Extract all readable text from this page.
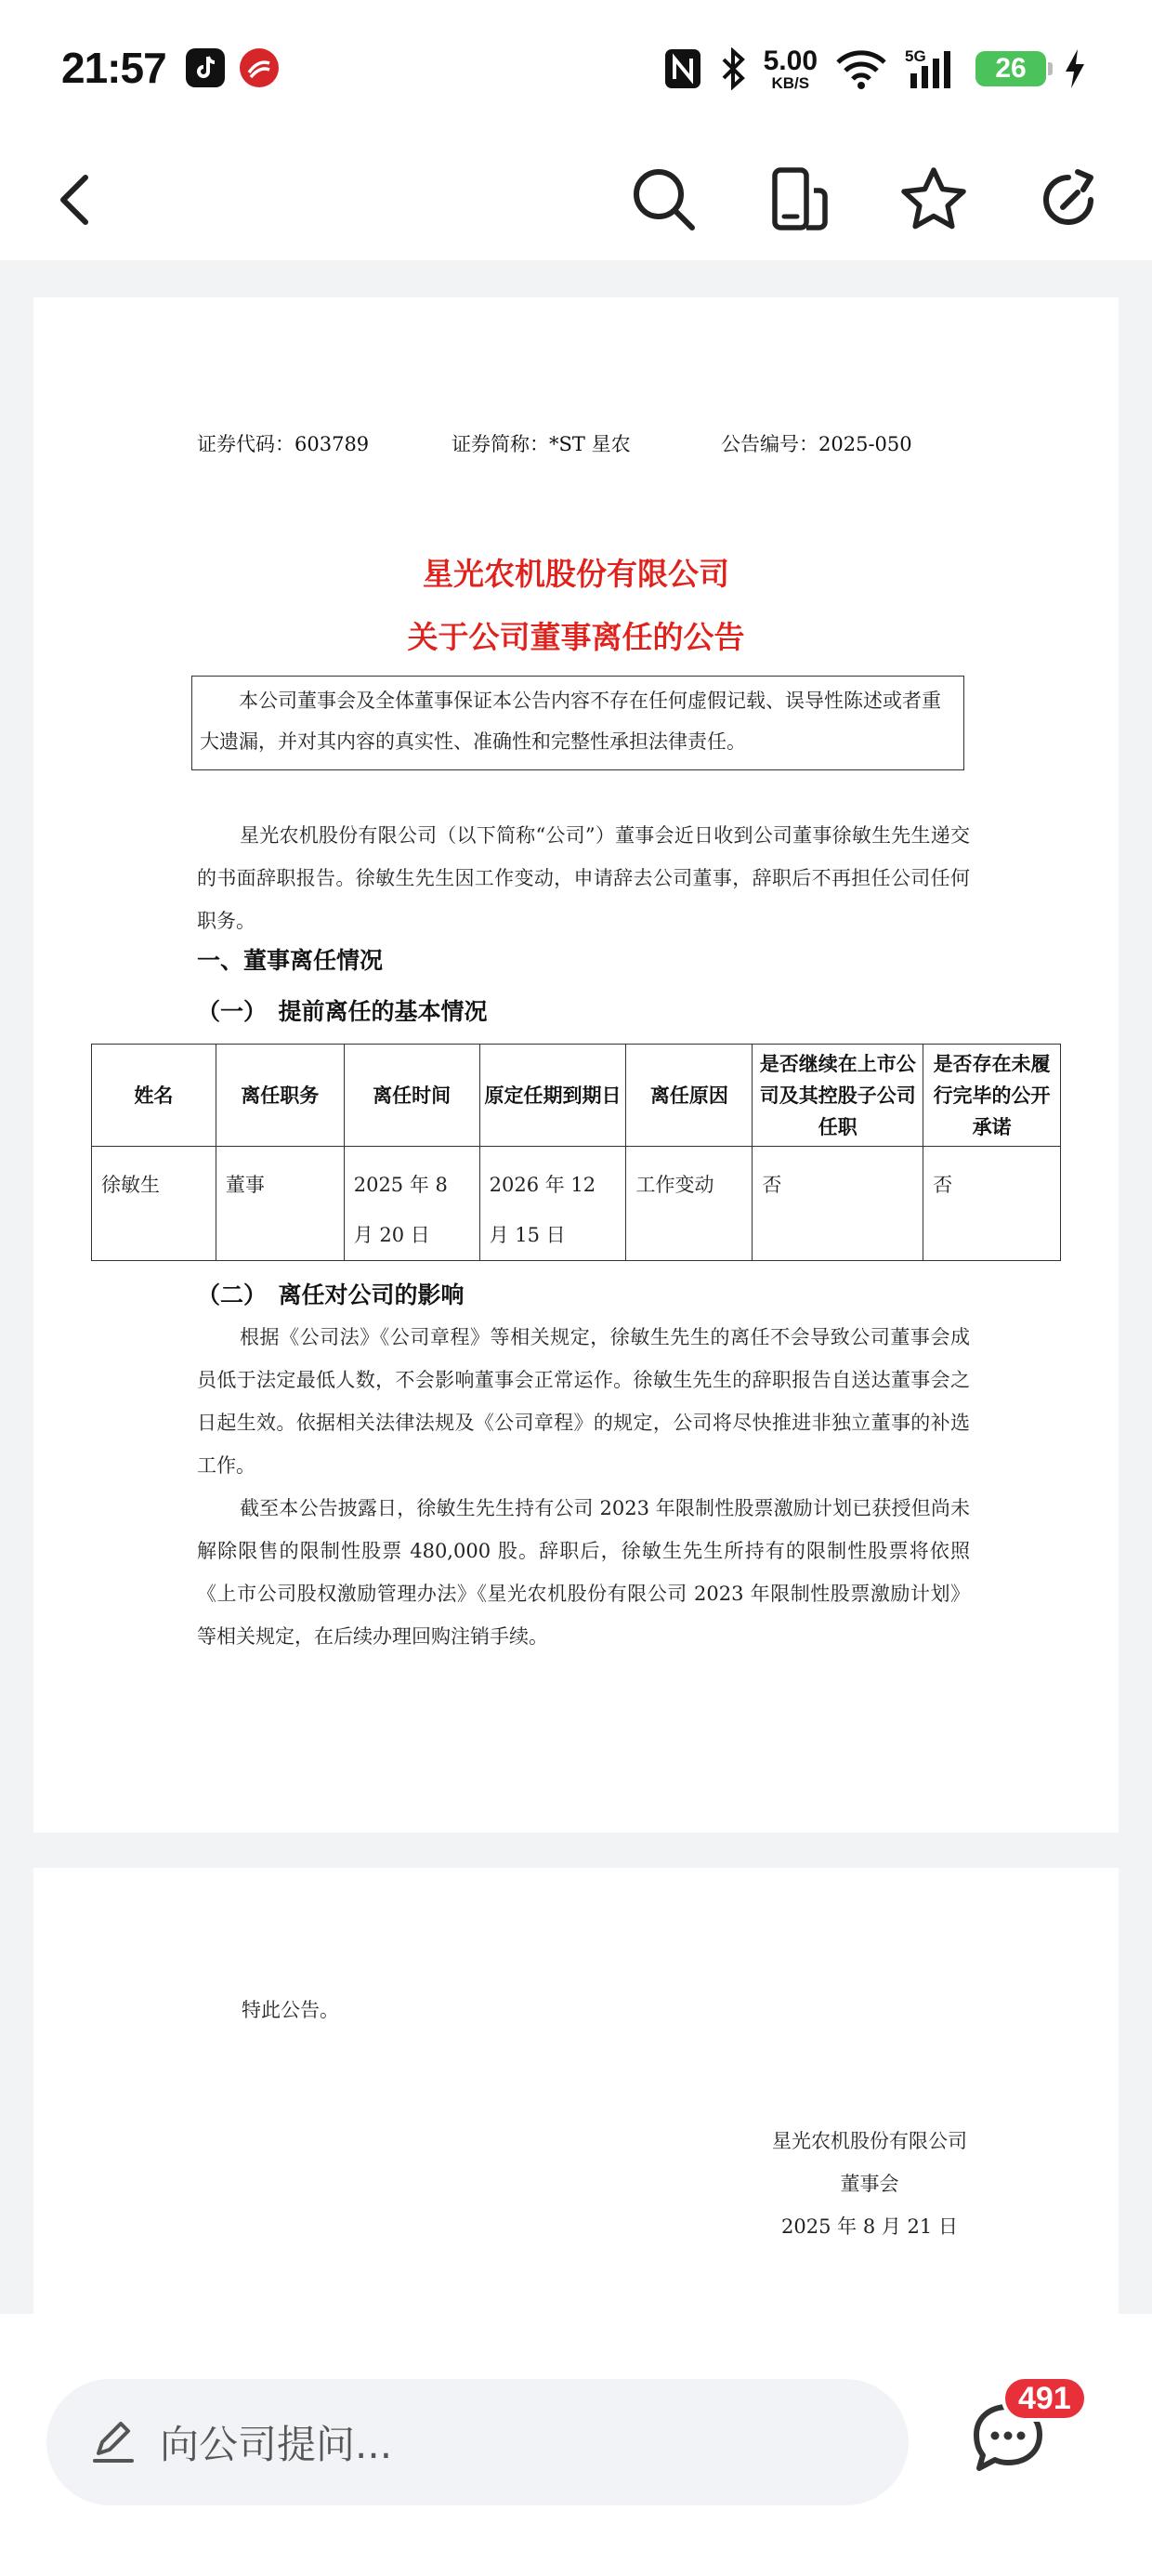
21:57	5.00
KB/S
5G	26
证券代码：603789	证券简称：*ST 星农	公告编号：2025-050
星光农机股份有限公司
关于公司董事离任的公告
本公司董事会及全体董事保证本公告内容不存在任何虚假记载、误导性陈述或者重大遗漏，并对其内容的真实性、准确性和完整性承担法律责任。
星光农机股份有限公司（以下简称“公司”）董事会近日收到公司董事徐敏生先生递交的书面辞职报告。徐敏生先生因工作变动，申请辞去公司董事，辞职后不再担任公司任何职务。
一、董事离任情况
（一）　提前离任的基本情况
姓名	离任职务	离任时间	原定任期到期日	离任原因	是否继续在上市公司及其控股子公司任职	是否存在未履行完毕的公开承诺
徐敏生	董事	2025 年 8 月 20 日	2026 年 12 月 15 日	工作变动	否	否
（二）　离任对公司的影响
根据《公司法》《公司章程》等相关规定，徐敏生先生的离任不会导致公司董事会成员低于法定最低人数，不会影响董事会正常运作。徐敏生先生的辞职报告自送达董事会之日起生效。依据相关法律法规及《公司章程》的规定，公司将尽快推进非独立董事的补选工作。
截至本公告披露日，徐敏生先生持有公司 2023 年限制性股票激励计划已获授但尚未解除限售的限制性股票 480,000 股。辞职后，徐敏生先生所持有的限制性股票将依照《上市公司股权激励管理办法》《星光农机股份有限公司 2023 年限制性股票激励计划》等相关规定，在后续办理回购注销手续。
特此公告。
星光农机股份有限公司
董事会
2025 年 8 月 21 日
向公司提问...
491
